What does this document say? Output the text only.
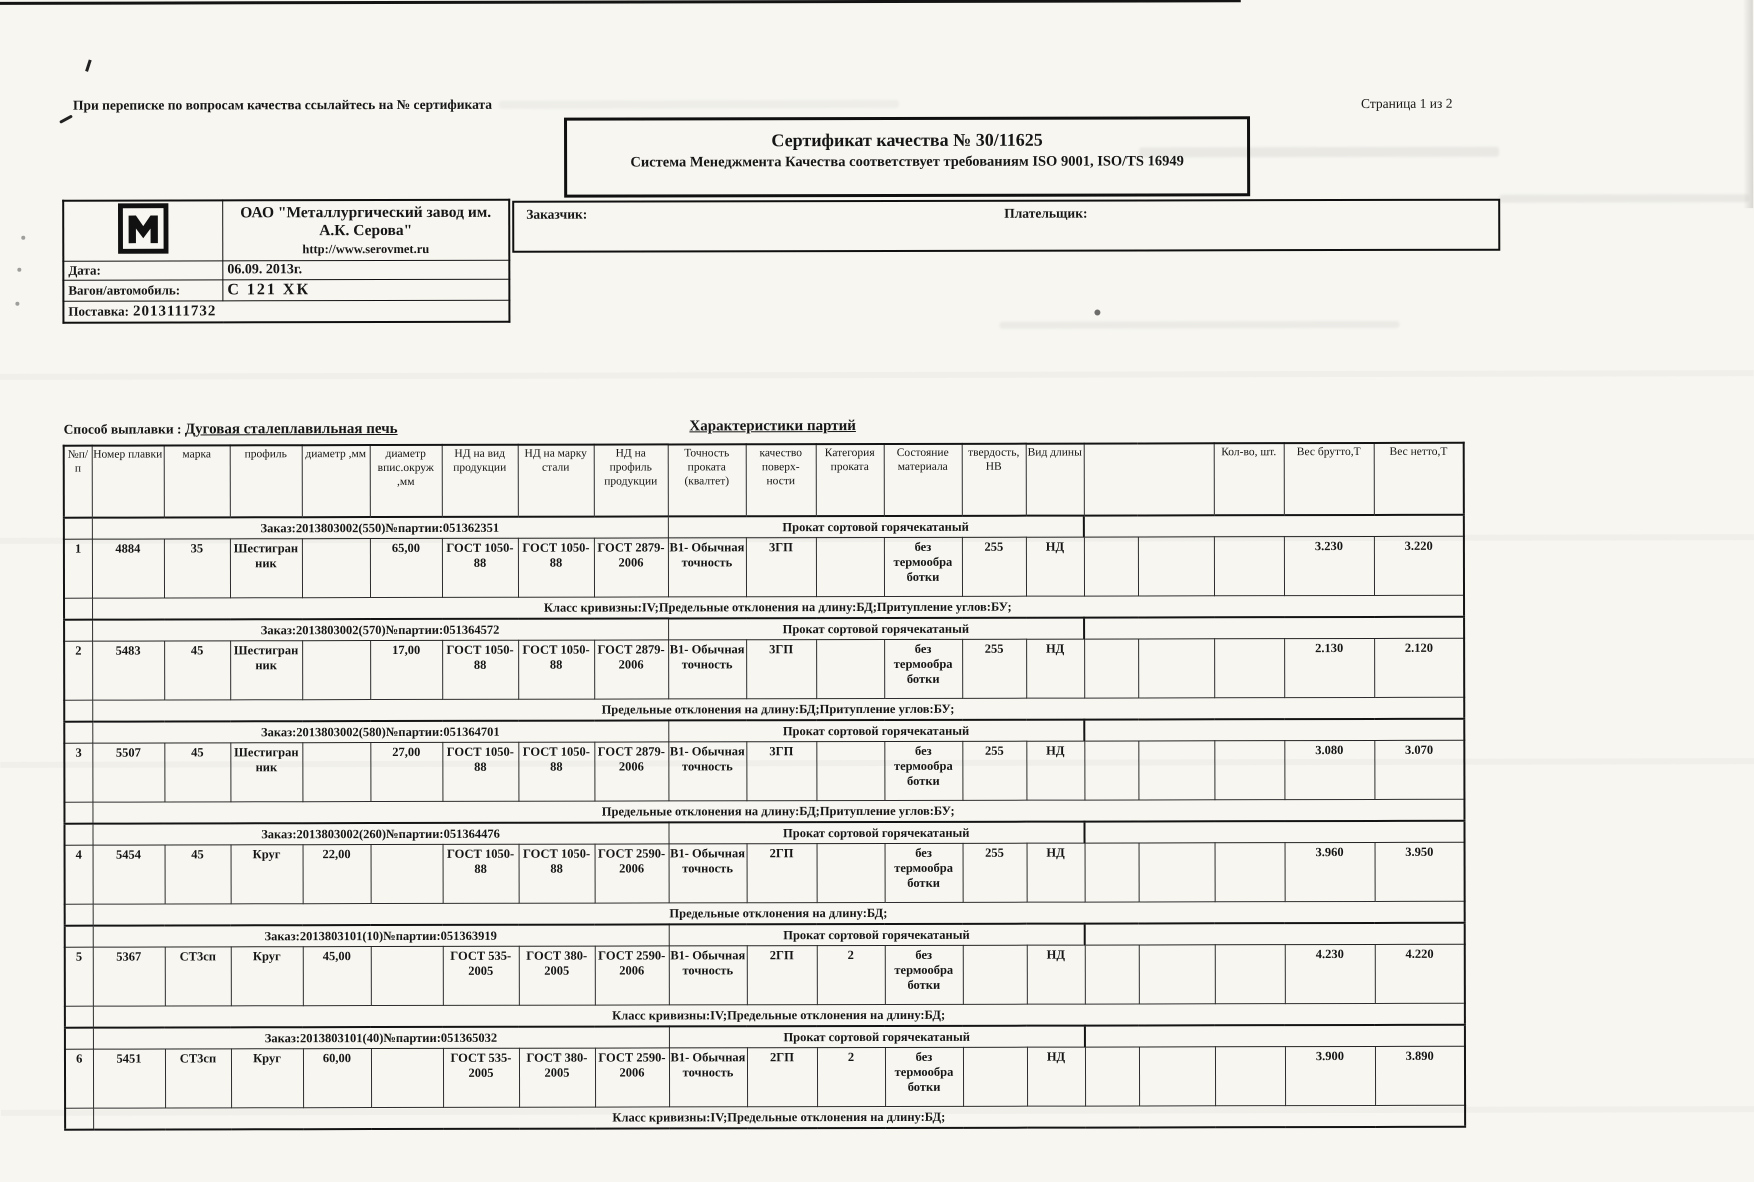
При переписке по вопросам качества ссылайтесь на № сертификата	Страница 1 из 2
Сертификат качества № 30/11625
Система Менеджмента Качества соответствует требованиям ISO 9001, ISO/TS 16949

ОАО "Металлургический завод им. А.К. Серова"
http://www.serovmet.ru

Дата:	06.09. 2013г.
Вагон/автомобиль:	С 121 ХК
Поставка: 2013111732	
Заказчик:	Плательщик:
Способ выплавки : Дуговая сталеплавильная печь	Характеристики партий
№п/п	Номер плавки	марка	профиль	диаметр ,мм	диаметр впис.окруж ,мм	НД на вид продукции	НД на марку стали	НД на профиль продукции	Точность проката (квалтет)	качество поверх- ности	Категория проката	Состояние материала	твердость, НВ	Вид длины			Кол-во, шт.	Вес брутто,Т	Вес нетто,Т
	Заказ:2013803002(550)№партии:051362351								Прокат сортовой горячекатаный										
1	4884	35	Шестигран ник		65,00	ГОСТ 1050-88	ГОСТ 1050-88	ГОСТ 2879-2006	В1- Обычная точность	3ГП		без термообра ботки	255	НД				3.230	3.220
	Класс кривизны:IV;Предельные отклонения на длину:БД;Притупление углов:БУ;																		
	Заказ:2013803002(570)№партии:051364572								Прокат сортовой горячекатаный										
2	5483	45	Шестигран ник		17,00	ГОСТ 1050-88	ГОСТ 1050-88	ГОСТ 2879-2006	В1- Обычная точность	3ГП		без термообра ботки	255	НД				2.130	2.120
	Предельные отклонения на длину:БД;Притупление углов:БУ;																		
	Заказ:2013803002(580)№партии:051364701								Прокат сортовой горячекатаный										
3	5507	45	Шестигран ник		27,00	ГОСТ 1050-88	ГОСТ 1050-88	ГОСТ 2879-2006	В1- Обычная точность	3ГП		без термообра ботки	255	НД				3.080	3.070
	Предельные отклонения на длину:БД;Притупление углов:БУ;																		
	Заказ:2013803002(260)№партии:051364476								Прокат сортовой горячекатаный										
4	5454	45	Круг	22,00		ГОСТ 1050-88	ГОСТ 1050-88	ГОСТ 2590-2006	В1- Обычная точность	2ГП		без термообра ботки	255	НД				3.960	3.950
	Предельные отклонения на длину:БД;																		
	Заказ:2013803101(10)№партии:051363919								Прокат сортовой горячекатаный										
5	5367	СТ3сп	Круг	45,00		ГОСТ 535-2005	ГОСТ 380-2005	ГОСТ 2590-2006	В1- Обычная точность	2ГП	2	без термообра ботки		НД				4.230	4.220
	Класс кривизны:IV;Предельные отклонения на длину:БД;																		
	Заказ:2013803101(40)№партии:051365032								Прокат сортовой горячекатаный										
6	5451	СТ3сп	Круг	60,00		ГОСТ 535-2005	ГОСТ 380-2005	ГОСТ 2590-2006	В1- Обычная точность	2ГП	2	без термообра ботки		НД				3.900	3.890
	Класс кривизны:IV;Предельные отклонения на длину:БД;																		
